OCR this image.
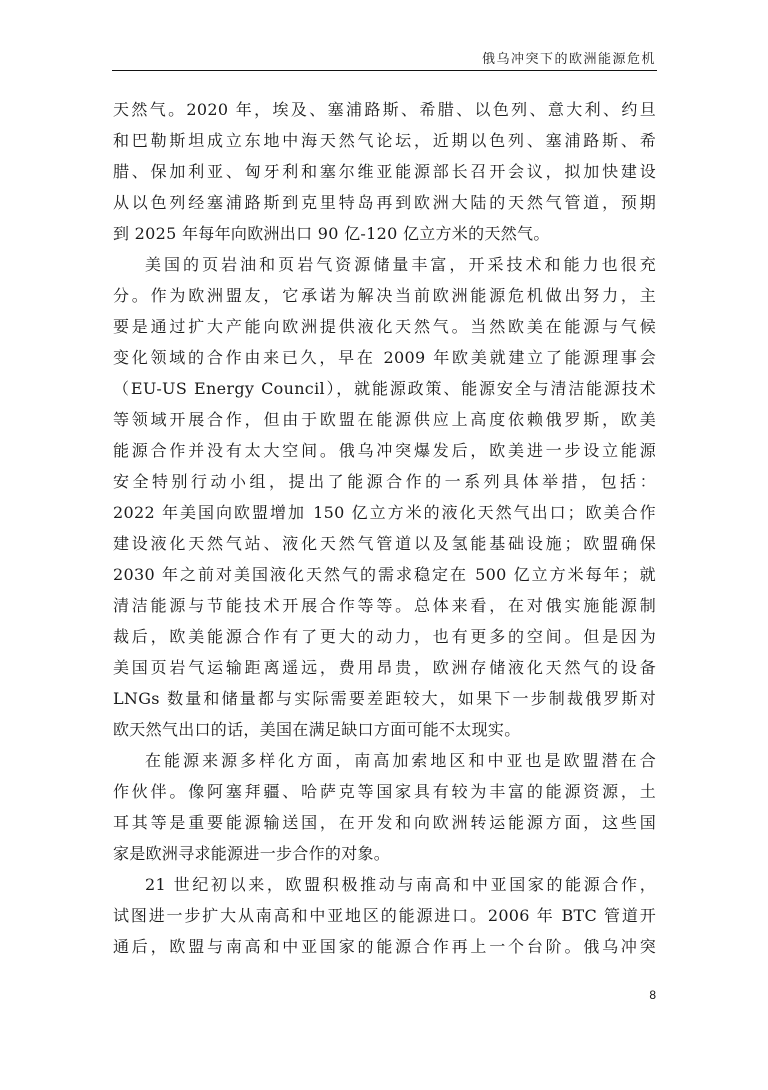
俄乌冲突下的欧洲能源危机
天然气。2020 年，埃及、塞浦路斯、希腊、以色列、意大利、约旦
和巴勒斯坦成立东地中海天然气论坛，近期以色列、塞浦路斯、希
腊、保加利亚、匈牙利和塞尔维亚能源部长召开会议，拟加快建设
从以色列经塞浦路斯到克里特岛再到欧洲大陆的天然气管道，预期
到 2025 年每年向欧洲出口 90 亿-120 亿立方米的天然气。
美国的页岩油和页岩气资源储量丰富，开采技术和能力也很充
分。作为欧洲盟友，它承诺为解决当前欧洲能源危机做出努力，主
要是通过扩大产能向欧洲提供液化天然气。当然欧美在能源与气候
变化领域的合作由来已久，早在 2009 年欧美就建立了能源理事会
（EU-US Energy Council），就能源政策、能源安全与清洁能源技术
等领域开展合作，但由于欧盟在能源供应上高度依赖俄罗斯，欧美
能源合作并没有太大空间。俄乌冲突爆发后，欧美进一步设立能源
安全特别行动小组，提出了能源合作的一系列具体举措，包括：
2022 年美国向欧盟增加 150 亿立方米的液化天然气出口；欧美合作
建设液化天然气站、液化天然气管道以及氢能基础设施；欧盟确保
2030 年之前对美国液化天然气的需求稳定在 500 亿立方米每年；就
清洁能源与节能技术开展合作等等。总体来看，在对俄实施能源制
裁后，欧美能源合作有了更大的动力，也有更多的空间。但是因为
美国页岩气运输距离遥远，费用昂贵，欧洲存储液化天然气的设备
LNGs 数量和储量都与实际需要差距较大，如果下一步制裁俄罗斯对
欧天然气出口的话，美国在满足缺口方面可能不太现实。
在能源来源多样化方面，南高加索地区和中亚也是欧盟潜在合
作伙伴。像阿塞拜疆、哈萨克等国家具有较为丰富的能源资源，土
耳其等是重要能源输送国，在开发和向欧洲转运能源方面，这些国
家是欧洲寻求能源进一步合作的对象。
21 世纪初以来，欧盟积极推动与南高和中亚国家的能源合作，
试图进一步扩大从南高和中亚地区的能源进口。2006 年 BTC 管道开
通后，欧盟与南高和中亚国家的能源合作再上一个台阶。俄乌冲突
8
